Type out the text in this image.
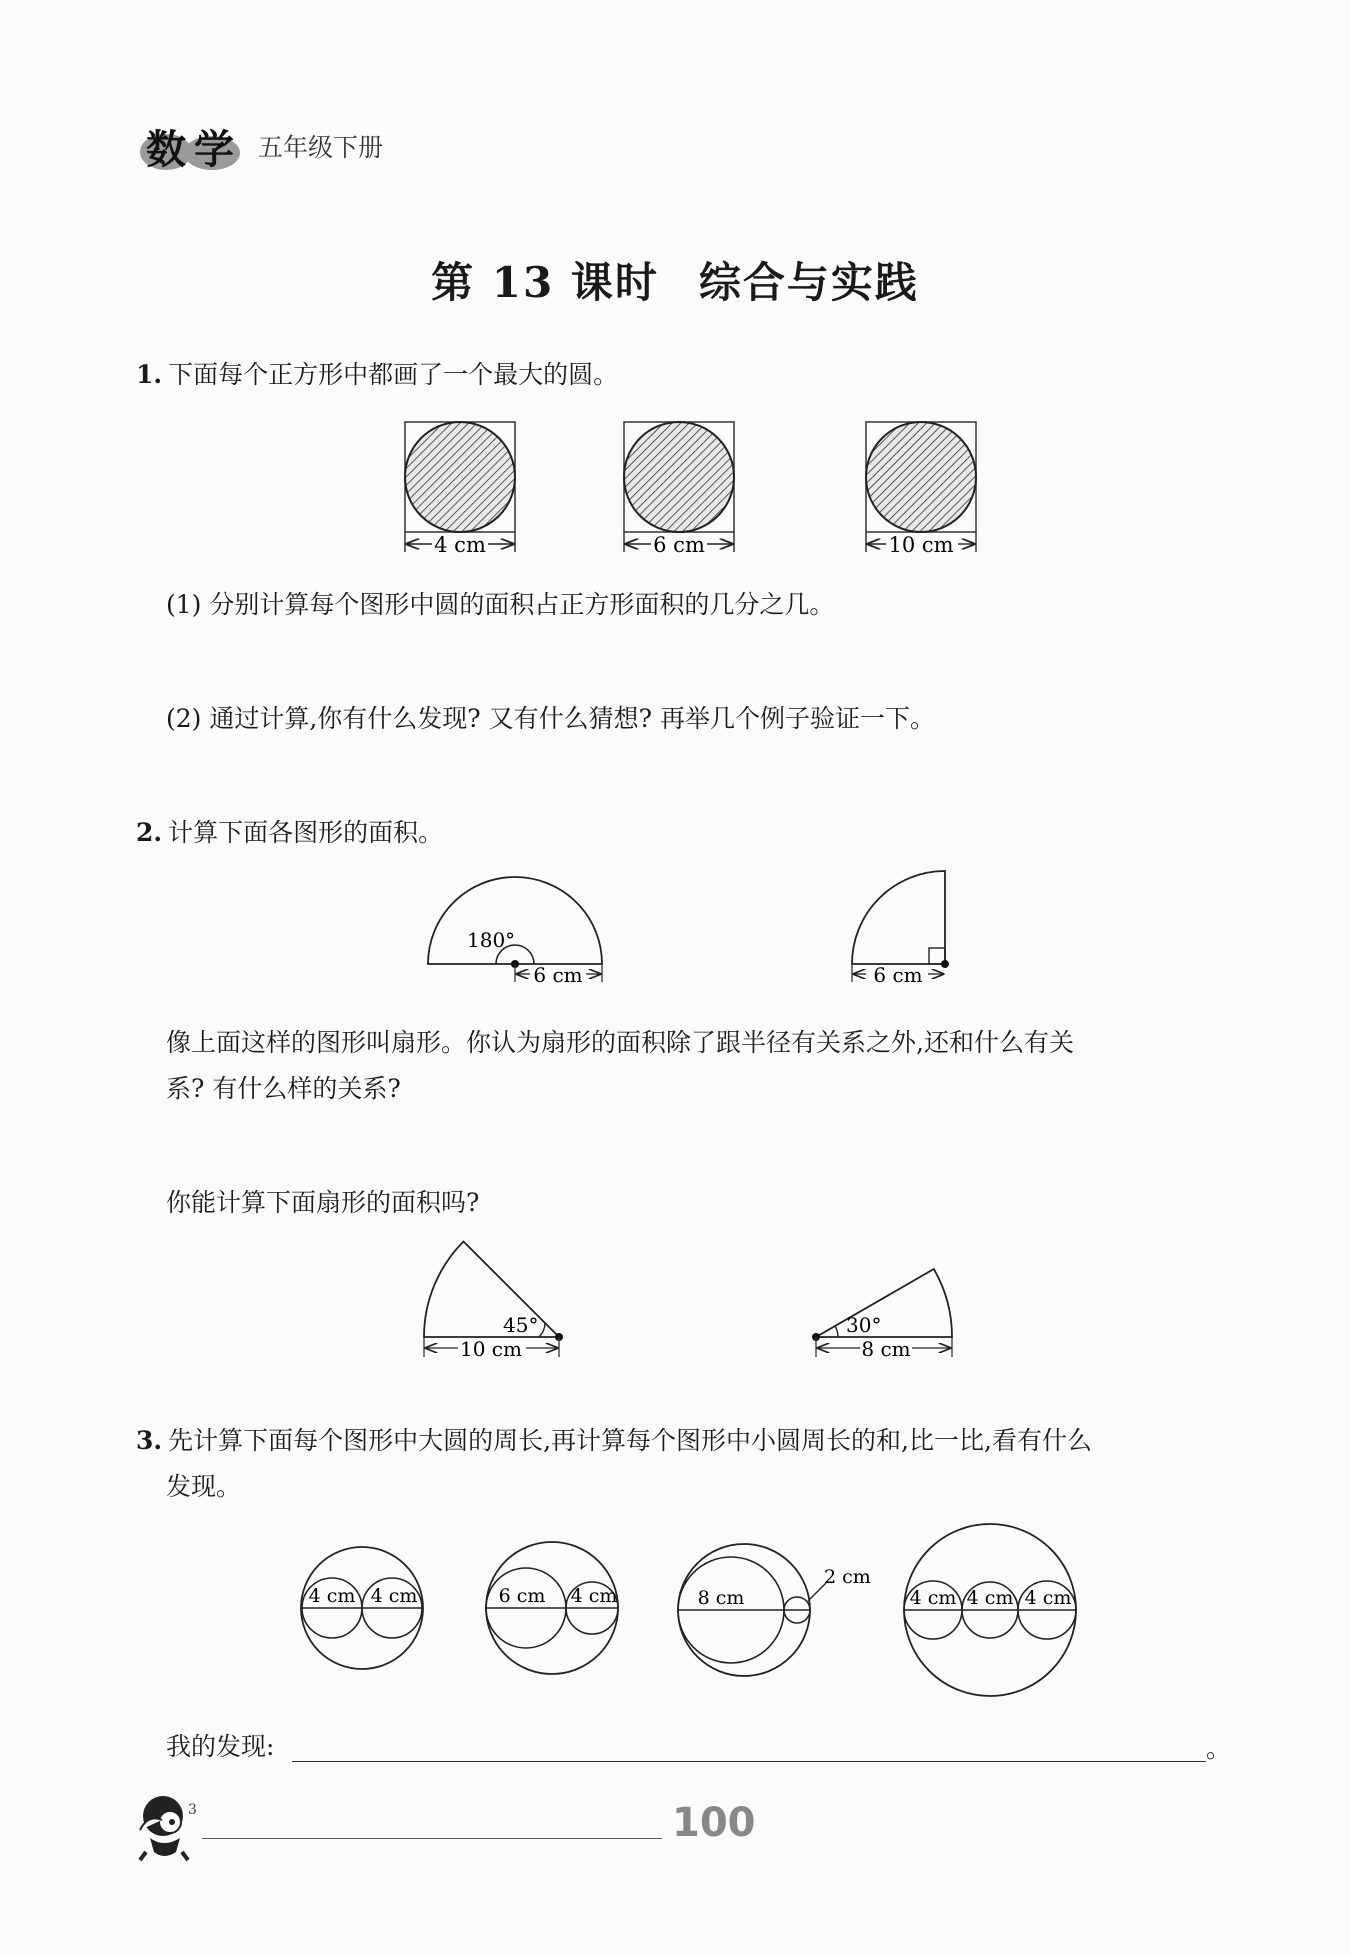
数学 五年级下册
第 13 课时 综合与实践
1. 下面每个正方形中都画了一个最大的圆。
4 cm	6 cm	10 cm
180°
6 cm	6 cm
45°
10 cm
30°
8 cm
4 cm 4 cm	6 cm 4 cm	8 cm
2 cm
4 cm 4 cm 4 cm
3
(1) 分别计算每个图形中圆的面积占正方形面积的几分之几。
(2) 通过计算,你有什么发现? 又有什么猜想? 再举几个例子验证一下。
2. 计算下面各图形的面积。
像上面这样的图形叫扇形。你认为扇形的面积除了跟半径有关系之外,还和什么有关
系? 有什么样的关系?
你能计算下面扇形的面积吗?
3. 先计算下面每个图形中大圆的周长,再计算每个图形中小圆周长的和,比一比,看有什么
发现。
我的发现:	。
100
